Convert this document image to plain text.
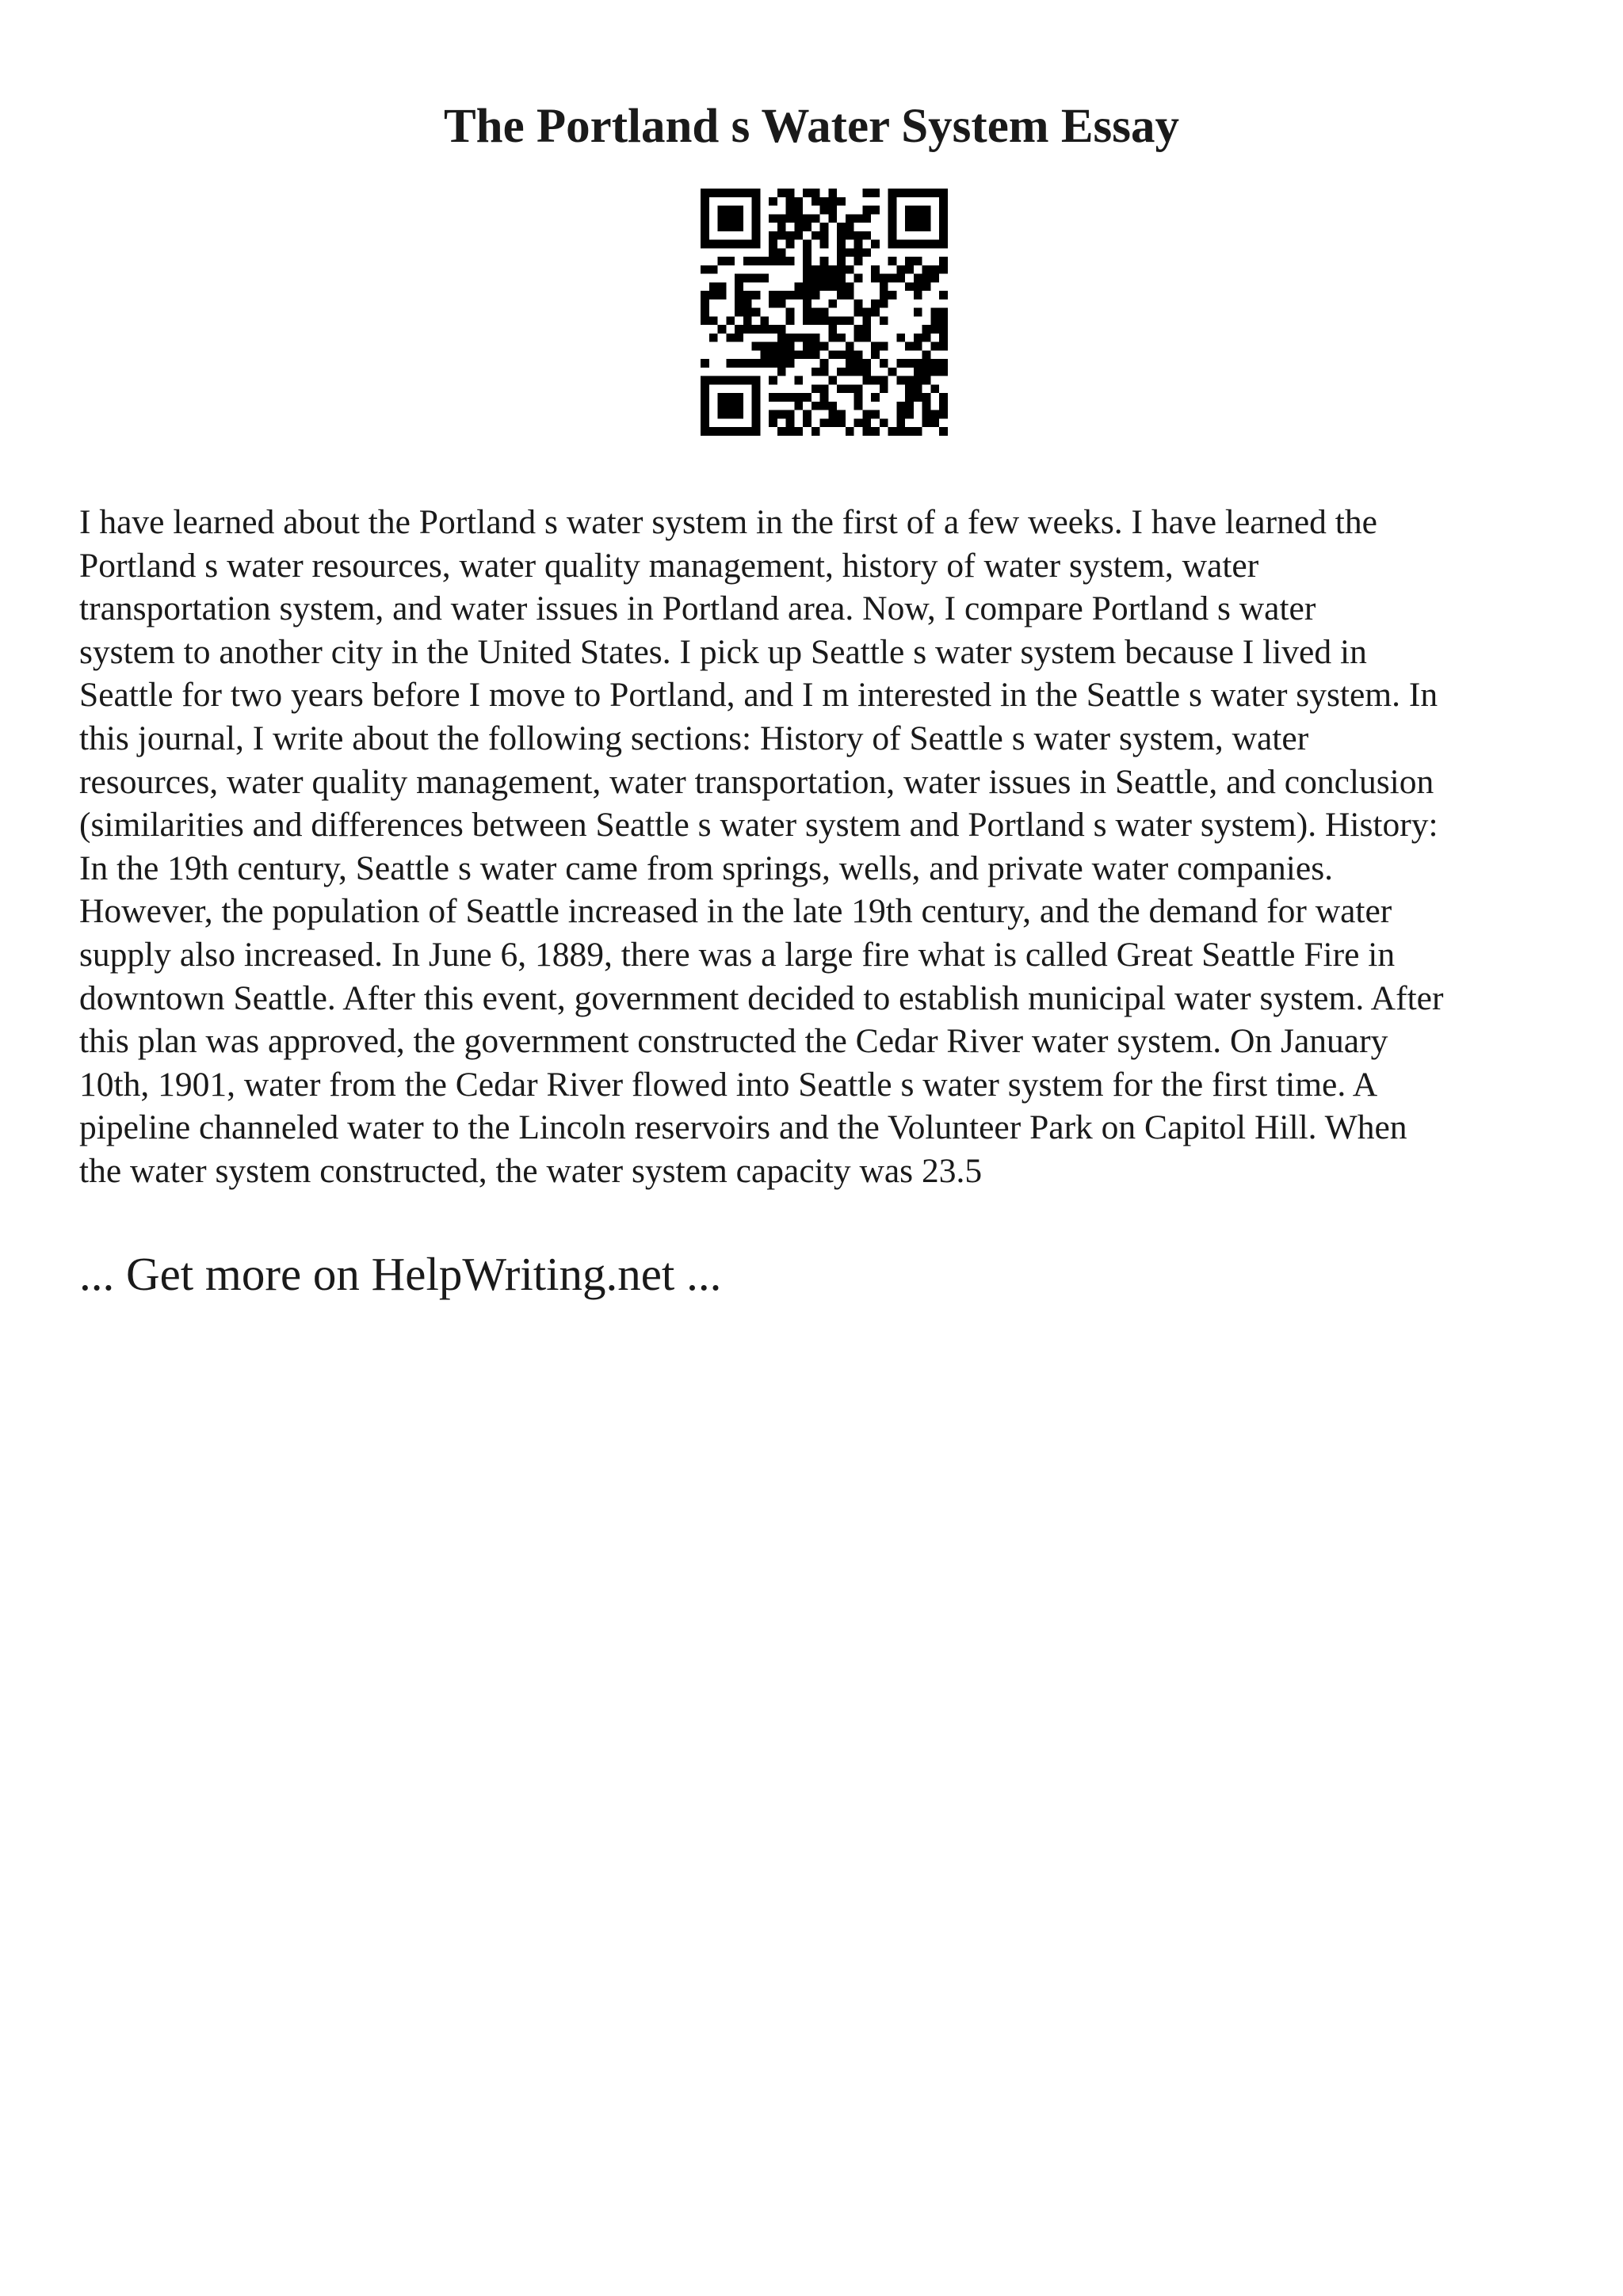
The Portland s Water System Essay

I have learned about the Portland s water system in the first of a few weeks. I have learned the
Portland s water resources, water quality management, history of water system, water
transportation system, and water issues in Portland area. Now, I compare Portland s water
system to another city in the United States. I pick up Seattle s water system because I lived in
Seattle for two years before I move to Portland, and I m interested in the Seattle s water system. In
this journal, I write about the following sections: History of Seattle s water system, water
resources, water quality management, water transportation, water issues in Seattle, and conclusion
(similarities and differences between Seattle s water system and Portland s water system). History:
In the 19th century, Seattle s water came from springs, wells, and private water companies.
However, the population of Seattle increased in the late 19th century, and the demand for water
supply also increased. In June 6, 1889, there was a large fire what is called Great Seattle Fire in
downtown Seattle. After this event, government decided to establish municipal water system. After
this plan was approved, the government constructed the Cedar River water system. On January
10th, 1901, water from the Cedar River flowed into Seattle s water system for the first time. A
pipeline channeled water to the Lincoln reservoirs and the Volunteer Park on Capitol Hill. When
the water system constructed, the water system capacity was 23.5

... Get more on HelpWriting.net ...
